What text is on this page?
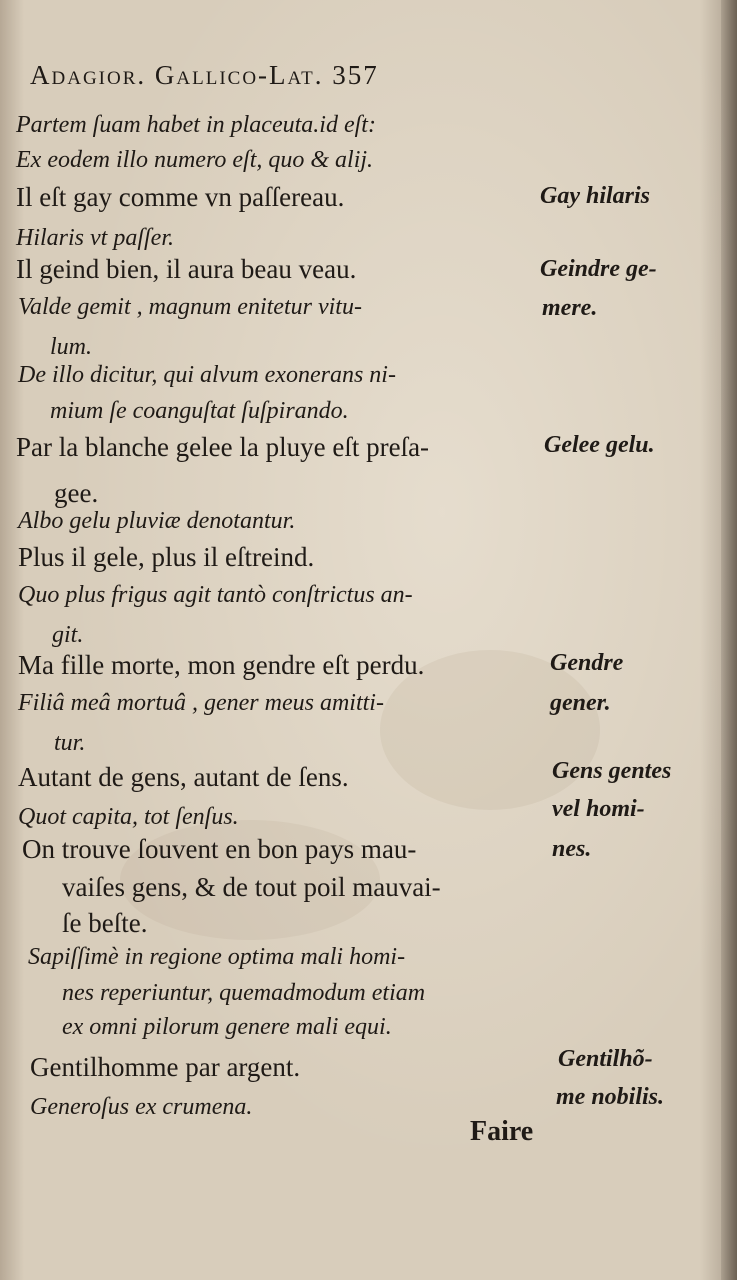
Adagior. Gallico-Lat. 357
Partem ſuam habet in placeuta.id eſt:
Ex eodem illo numero eſt, quo & alij.
Il eſt gay comme vn paſſereau.
Hilaris vt paſſer.
Il geind bien, il aura beau veau.
Valde gemit , magnum enitetur vitu-
lum.
De illo dicitur, qui alvum exonerans ni-
mium ſe coanguſtat ſuſpirando.
Par la blanche gelee la pluye eſt preſa-
gee.
Albo gelu pluviæ denotantur.
Plus il gele, plus il eſtreind.
Quo plus frigus agit tantò conſtrictus an-
git.
Ma fille morte, mon gendre eſt perdu.
Filiâ meâ mortuâ , gener meus amitti-
tur.
Autant de gens, autant de ſens.
Quot capita, tot ſenſus.
On trouve ſouvent en bon pays mau-
vaiſes gens, & de tout poil mauvai-
ſe beſte.
Sapiſſimè in regione optima mali homi-
nes reperiuntur, quemadmodum etiam
ex omni pilorum genere mali equi.
Gentilhomme par argent.
Generoſus ex crumena.
Gay hilaris
Geindre ge-
mere.
Gelee gelu.
Gendre
gener.
Gens gentes
vel homi-
nes.
Gentilhõ-
me nobilis.
Faire
